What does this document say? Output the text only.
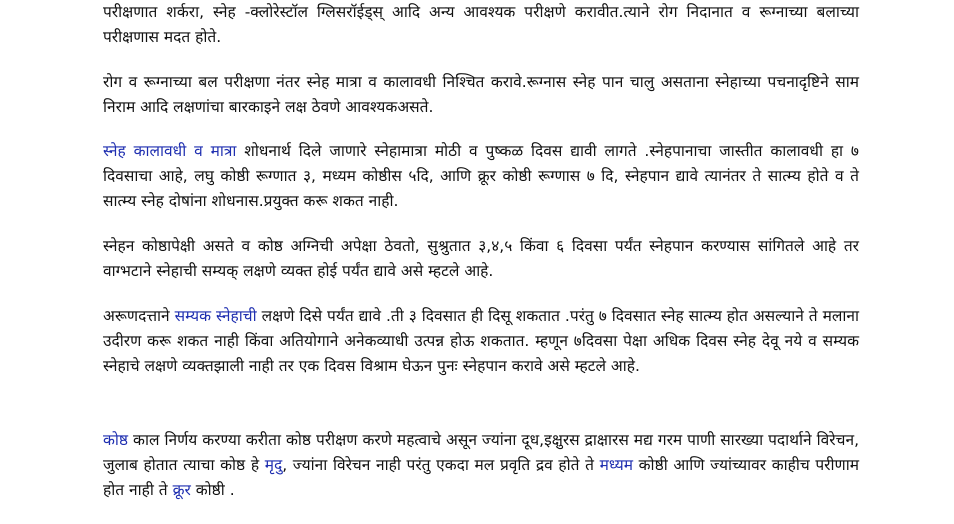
परीक्षणात शर्करा, स्नेह -क्लोरेस्टॉल ग्लिसरॉईड्स् आदि अन्य आवश्यक परीक्षणे करावीत.त्याने रोग निदानात व रूग्नाच्या बलाच्या परीक्षणास मदत होते.

रोग व रूग्नाच्या बल परीक्षणा नंतर स्नेह मात्रा व कालावधी निश्चित करावे.रूग्नास स्नेह पान चालु असताना स्नेहाच्या पचनादृष्टिने साम निराम आदि लक्षणांचा बारकाइने लक्ष ठेवणे आवश्यकअसते.

स्नेह कालावधी व मात्रा शोधनार्थ दिले जाणारे स्नेहामात्रा मोठी व पुष्कळ दिवस द्यावी लागते .स्नेहपानाचा जास्तीत कालावधी हा ७ दिवसाचा आहे, लघु कोष्ठी रूग्णात ३, मध्यम कोष्ठीस ५दि, आणि क्रूर कोष्ठी रूग्णास ७ दि, स्नेहपान द्यावे त्यानंतर ते सात्म्य होते व ते सात्म्य स्नेह दोषांना शोधनास.प्रयुक्त करू शकत नाही.

स्नेहन कोष्ठापेक्षी असते व कोष्ठ अग्निची अपेक्षा ठेवतो, सुश्रुतात ३,४,५ किंवा ६ दिवसा पर्यंत स्नेहपान करण्यास सांगितले आहे तर वाग्भटाने स्नेहाची सम्यक् लक्षणे व्यक्त होई पर्यंत द्यावे असे म्हटले आहे.

अरूणदत्ताने सम्यक स्नेहाची लक्षणे दिसे पर्यंत द्यावे .ती ३ दिवसात ही दिसू शकतात .परंतु ७ दिवसात स्नेह सात्म्य होत असल्याने ते मलाना उदीरण करू शकत नाही किंवा अतियोगाने अनेकव्याधी उत्पन्न होऊ शकतात. म्हणून ७दिवसा पेक्षा अधिक दिवस स्नेह देवू नये व सम्यक स्नेहाचे लक्षणे व्यक्तझाली नाही तर एक दिवस विश्राम घेऊन पुनः स्नेहपान करावे असे म्हटले आहे.

कोष्ठ काल निर्णय करण्या करीता कोष्ठ परीक्षण करणे महत्वाचे असून ज्यांना दूध,इक्षुरस द्राक्षारस मद्य गरम पाणी सारख्या पदार्थाने विरेचन, जुलाब होतात त्याचा कोष्ठ हे मृदु, ज्यांना विरेचन नाही परंतु एकदा मल प्रवृति द्रव होते ते मध्यम कोष्ठी आणि ज्यांच्यावर काहीच परीणाम होत नाही ते क्रूर कोष्ठी .
